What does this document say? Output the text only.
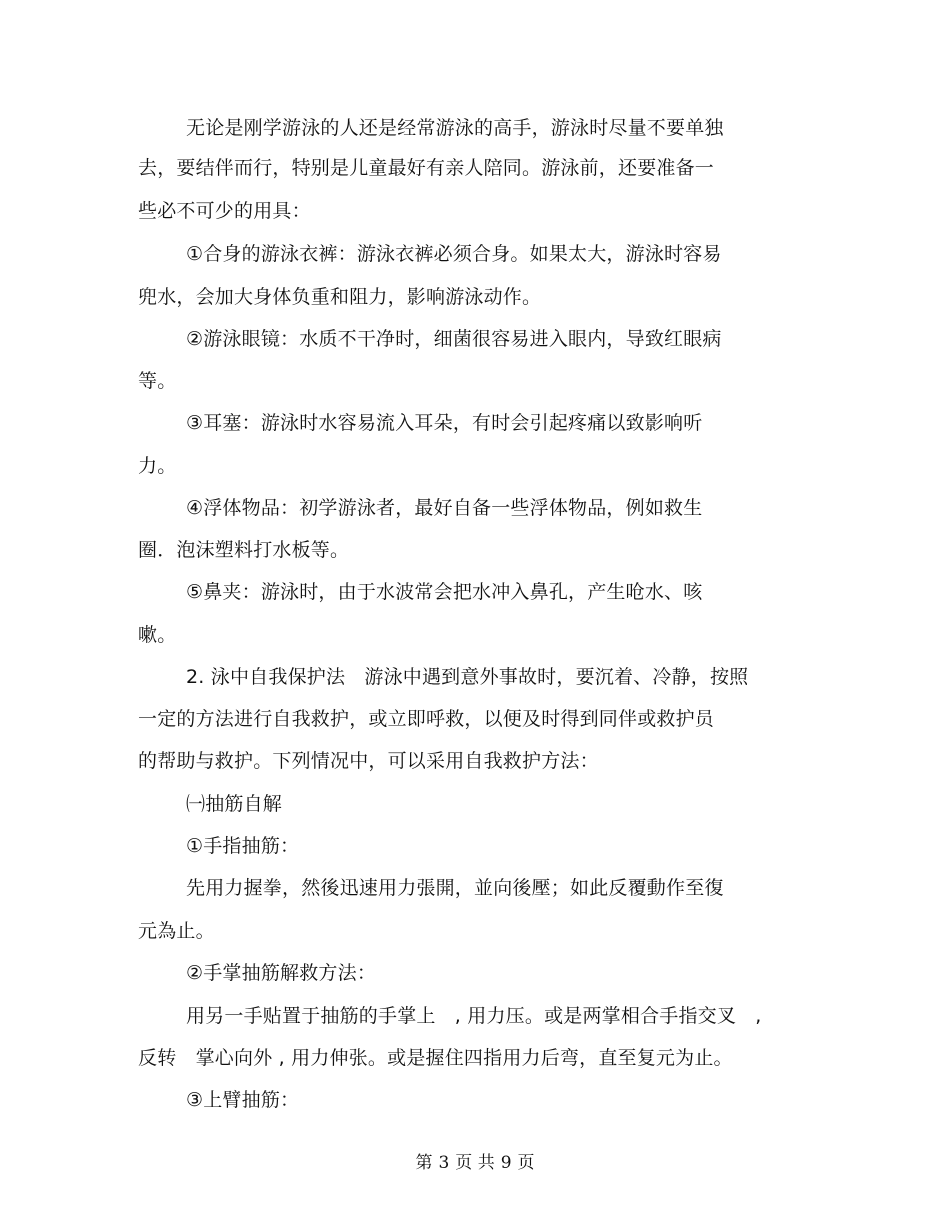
无论是刚学游泳的人还是经常游泳的高手，游泳时尽量不要单独
去，要结伴而行，特别是儿童最好有亲人陪同。游泳前，还要准备一
些必不可少的用具：
①合身的游泳衣裤：游泳衣裤必须合身。如果太大，游泳时容易
兜水，会加大身体负重和阻力，影响游泳动作。
②游泳眼镜：水质不干净时，细菌很容易进入眼内，导致红眼病
等。
③耳塞：游泳时水容易流入耳朵，有时会引起疼痛以致影响听
力。
④浮体物品：初学游泳者，最好自备一些浮体物品，例如救生
圈．泡沫塑料打水板等。
⑤鼻夹：游泳时，由于水波常会把水冲入鼻孔，产生呛水、咳
嗽。
2. 泳中自我保护法　游泳中遇到意外事故时，要沉着、冷静，按照
一定的方法进行自我救护，或立即呼救，以便及时得到同伴或救护员
的帮助与救护。下列情况中，可以采用自我救护方法：
㈠抽筋自解
①手指抽筋：
先用力握拳，然後迅速用力張開，並向後壓；如此反覆動作至復
元為止。
②手掌抽筋解救方法：
用另一手贴置于抽筋的手掌上　, 用力压。或是两掌相合手指交叉　,
反转　掌心向外 , 用力伸张。或是握住四指用力后弯，直至复元为止。
③上臂抽筋：
第 3 页 共 9 页
